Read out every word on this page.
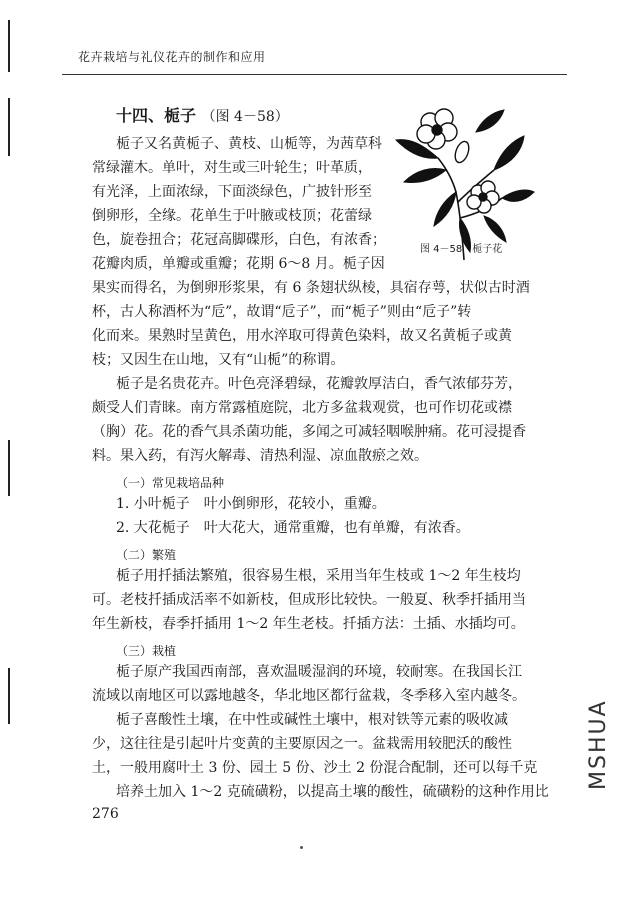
花卉栽培与礼仪花卉的制作和应用
十四、栀子 （图 4－58）
图 4－58　栀子花
栀子又名黄栀子、黄枝、山栀等，为茜草科
常绿灌木。单叶，对生或三叶轮生；叶革质，
有光泽，上面浓绿，下面淡绿色，广披针形至
倒卵形，全缘。花单生于叶腋或枝顶；花蕾绿
色，旋卷扭合；花冠高脚碟形，白色，有浓香；
花瓣肉质，单瓣或重瓣；花期 6～8 月。栀子因
果实而得名，为倒卵形浆果，有 6 条翅状纵棱，具宿存萼，状似古时酒
杯，古人称酒杯为“卮”，故谓“卮子”，而“栀子”则由“卮子”转
化而来。果熟时呈黄色，用水淬取可得黄色染料，故又名黄栀子或黄
枝；又因生在山地，又有“山栀”的称谓。
栀子是名贵花卉。叶色亮泽碧绿，花瓣敦厚洁白，香气浓郁芬芳，
颇受人们青睐。南方常露植庭院，北方多盆栽观赏，也可作切花或襟
（胸）花。花的香气具杀菌功能，多闻之可减轻咽喉肿痛。花可浸提香
料。果入药，有泻火解毒、清热利湿、凉血散瘀之效。
（一）常见栽培品种
1. 小叶栀子　叶小倒卵形，花较小，重瓣。
2. 大花栀子　叶大花大，通常重瓣，也有单瓣，有浓香。
（二）繁殖
栀子用扦插法繁殖，很容易生根，采用当年生枝或 1～2 年生枝均
可。老枝扦插成活率不如新枝，但成形比较快。一般夏、秋季扦插用当
年生新枝，春季扦插用 1～2 年生老枝。扦插方法：土插、水插均可。
（三）栽植
栀子原产我国西南部，喜欢温暖湿润的环境，较耐寒。在我国长江
流域以南地区可以露地越冬，华北地区都行盆栽，冬季移入室内越冬。
栀子喜酸性土壤，在中性或碱性土壤中，根对铁等元素的吸收减
少，这往往是引起叶片变黄的主要原因之一。盆栽需用较肥沃的酸性
土，一般用腐叶土 3 份、园土 5 份、沙土 2 份混合配制，还可以每千克
培养土加入 1～2 克硫磺粉，以提高土壤的酸性，硫磺粉的这种作用比
276
MSHUA
